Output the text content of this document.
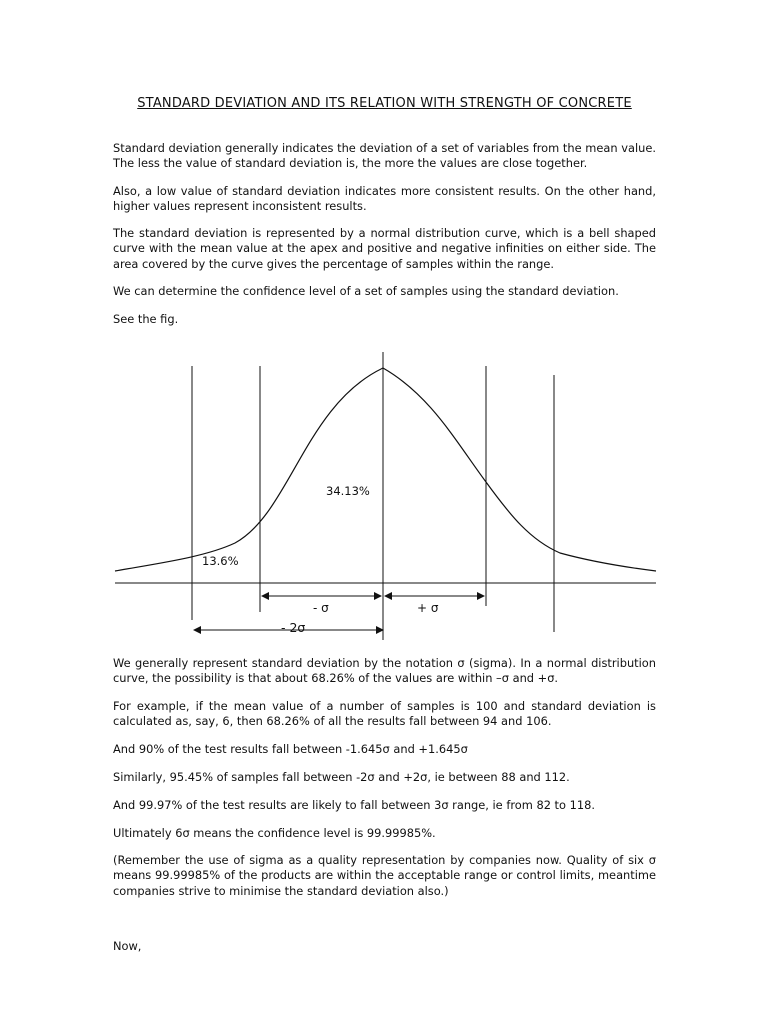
STANDARD DEVIATION AND ITS RELATION WITH STRENGTH OF CONCRETE

Standard deviation generally indicates the deviation of a set of variables from the mean value. The less the value of standard deviation is, the more the values are close together.

Also, a low value of standard deviation indicates more consistent results. On the other hand, higher values represent inconsistent results.

The standard deviation is represented by a normal distribution curve, which is a bell shaped curve with the mean value at the apex and positive and negative infinities on either side. The area covered by the curve gives the percentage of samples within the range.

We can determine the confidence level of a set of samples using the standard deviation.

See the fig.

34.13%
13.6%
- σ	+ σ
- 2σ

We generally represent standard deviation by the notation σ (sigma). In a normal distribution curve, the possibility is that about 68.26% of the values are within –σ and +σ.

For example, if the mean value of a number of samples is 100 and standard deviation is calculated as, say, 6, then 68.26% of all the results fall between 94 and 106.

And 90% of the test results fall between -1.645σ and +1.645σ

Similarly, 95.45% of samples fall between -2σ and +2σ, ie between 88 and 112.

And 99.97% of the test results are likely to fall between 3σ range, ie from 82 to 118.

Ultimately 6σ means the confidence level is 99.99985%.

(Remember the use of sigma as a quality representation by companies now. Quality of six σ means 99.99985% of the products are within the acceptable range or control limits, meantime companies strive to minimise the standard deviation also.)

Now,
